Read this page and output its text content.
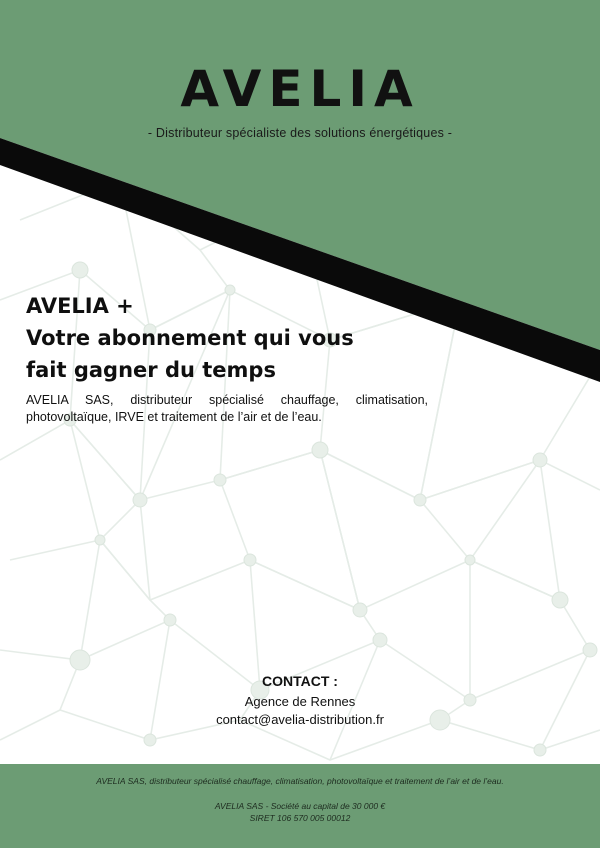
AVELIA
- Distributeur spécialiste des solutions énergétiques -
AVELIA +
Votre abonnement qui vous
fait gagner du temps
AVELIA SAS, distributeur spécialisé chauffage, climatisation, photovoltaïque, IRVE et traitement de l’air et de l’eau.
CONTACT :
Agence de Rennes
contact@avelia-distribution.fr
AVELIA SAS, distributeur spécialisé chauffage, climatisation, photovoltaïque et traitement de l’air et de l’eau.
AVELIA SAS - Société au capital de 30 000 €
SIRET 106 570 005 00012
